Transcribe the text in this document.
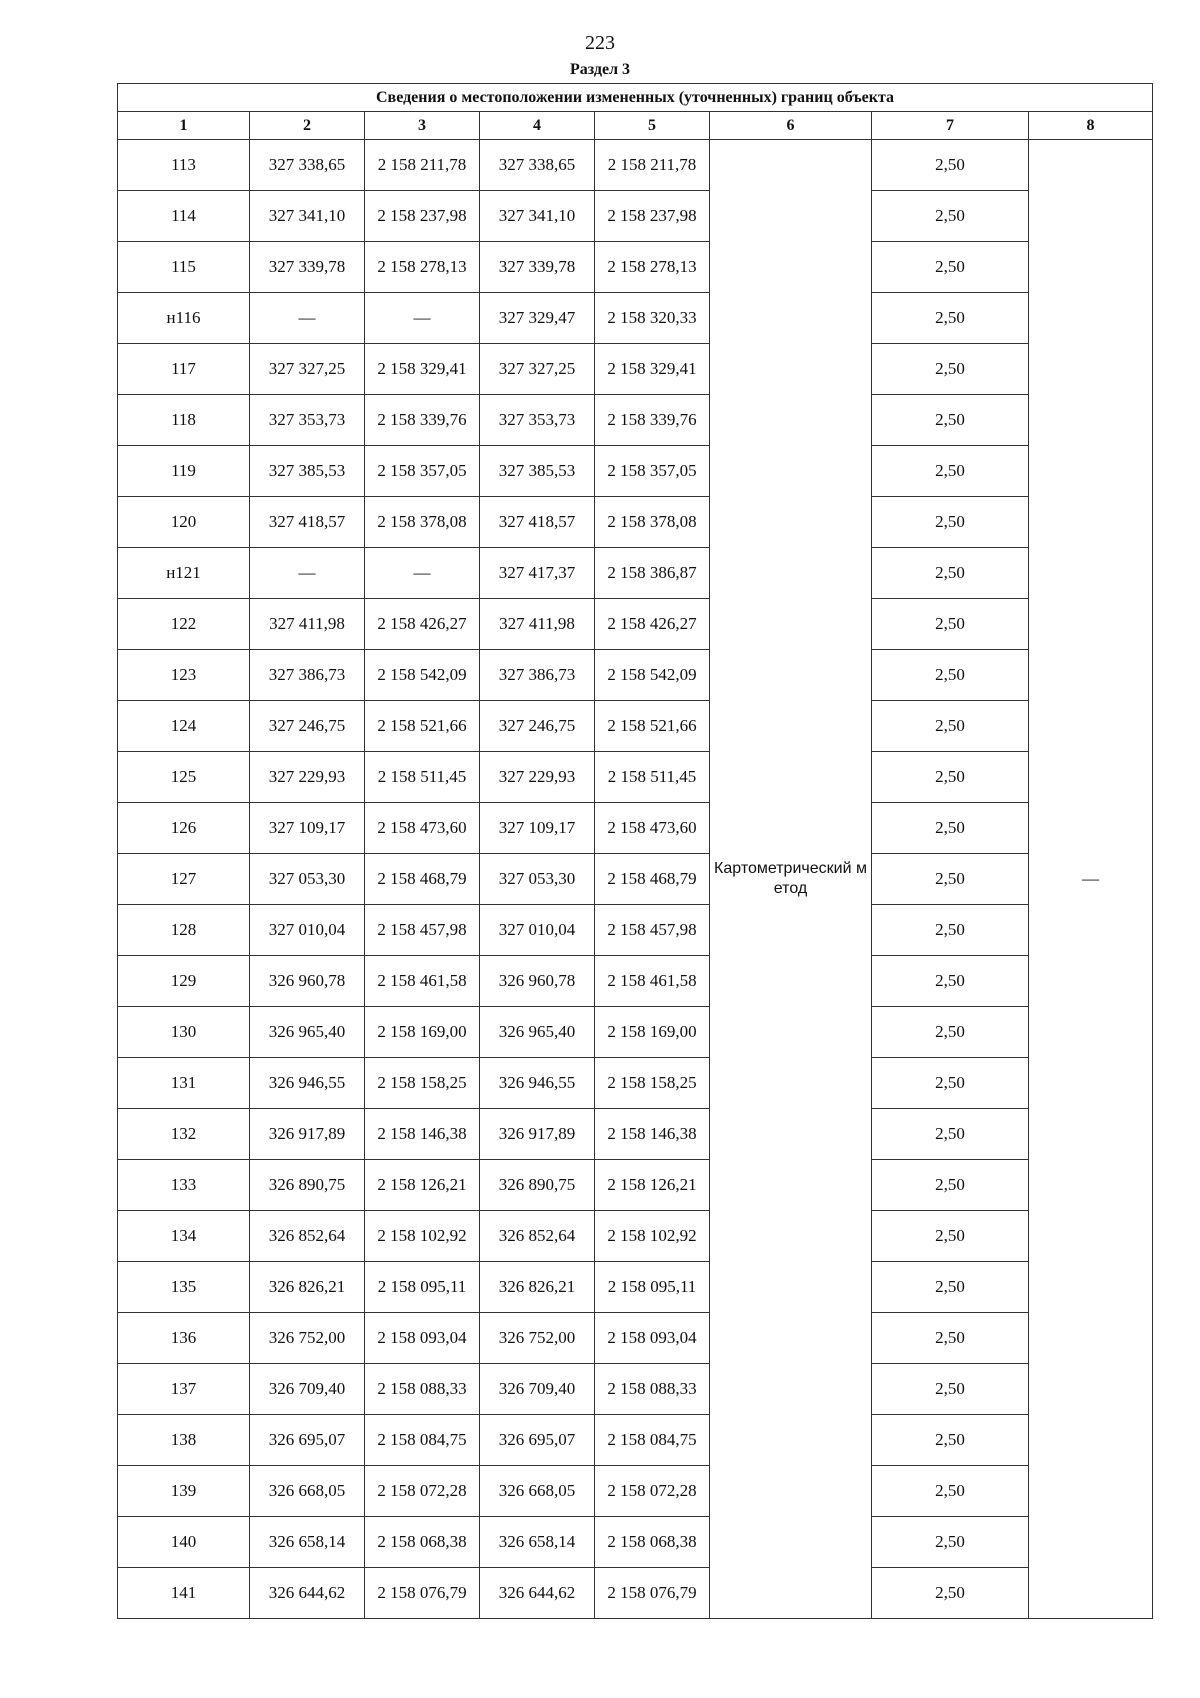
223
Раздел 3
Сведения о местоположении измененных (уточненных) границ объекта							
1	2	3	4	5	6	7	8
113	327 338,65	2 158 211,78	327 338,65	2 158 211,78	Картометрический метод	2,50	—
114	327 341,10	2 158 237,98	327 341,10	2 158 237,98		2,50	
115	327 339,78	2 158 278,13	327 339,78	2 158 278,13		2,50	
н116	—	—	327 329,47	2 158 320,33		2,50	
117	327 327,25	2 158 329,41	327 327,25	2 158 329,41		2,50	
118	327 353,73	2 158 339,76	327 353,73	2 158 339,76		2,50	
119	327 385,53	2 158 357,05	327 385,53	2 158 357,05		2,50	
120	327 418,57	2 158 378,08	327 418,57	2 158 378,08		2,50	
н121	—	—	327 417,37	2 158 386,87		2,50	
122	327 411,98	2 158 426,27	327 411,98	2 158 426,27		2,50	
123	327 386,73	2 158 542,09	327 386,73	2 158 542,09		2,50	
124	327 246,75	2 158 521,66	327 246,75	2 158 521,66		2,50	
125	327 229,93	2 158 511,45	327 229,93	2 158 511,45		2,50	
126	327 109,17	2 158 473,60	327 109,17	2 158 473,60		2,50	
127	327 053,30	2 158 468,79	327 053,30	2 158 468,79		2,50	
128	327 010,04	2 158 457,98	327 010,04	2 158 457,98		2,50	
129	326 960,78	2 158 461,58	326 960,78	2 158 461,58		2,50	
130	326 965,40	2 158 169,00	326 965,40	2 158 169,00		2,50	
131	326 946,55	2 158 158,25	326 946,55	2 158 158,25		2,50	
132	326 917,89	2 158 146,38	326 917,89	2 158 146,38		2,50	
133	326 890,75	2 158 126,21	326 890,75	2 158 126,21		2,50	
134	326 852,64	2 158 102,92	326 852,64	2 158 102,92		2,50	
135	326 826,21	2 158 095,11	326 826,21	2 158 095,11		2,50	
136	326 752,00	2 158 093,04	326 752,00	2 158 093,04		2,50	
137	326 709,40	2 158 088,33	326 709,40	2 158 088,33		2,50	
138	326 695,07	2 158 084,75	326 695,07	2 158 084,75		2,50	
139	326 668,05	2 158 072,28	326 668,05	2 158 072,28		2,50	
140	326 658,14	2 158 068,38	326 658,14	2 158 068,38		2,50	
141	326 644,62	2 158 076,79	326 644,62	2 158 076,79		2,50	
